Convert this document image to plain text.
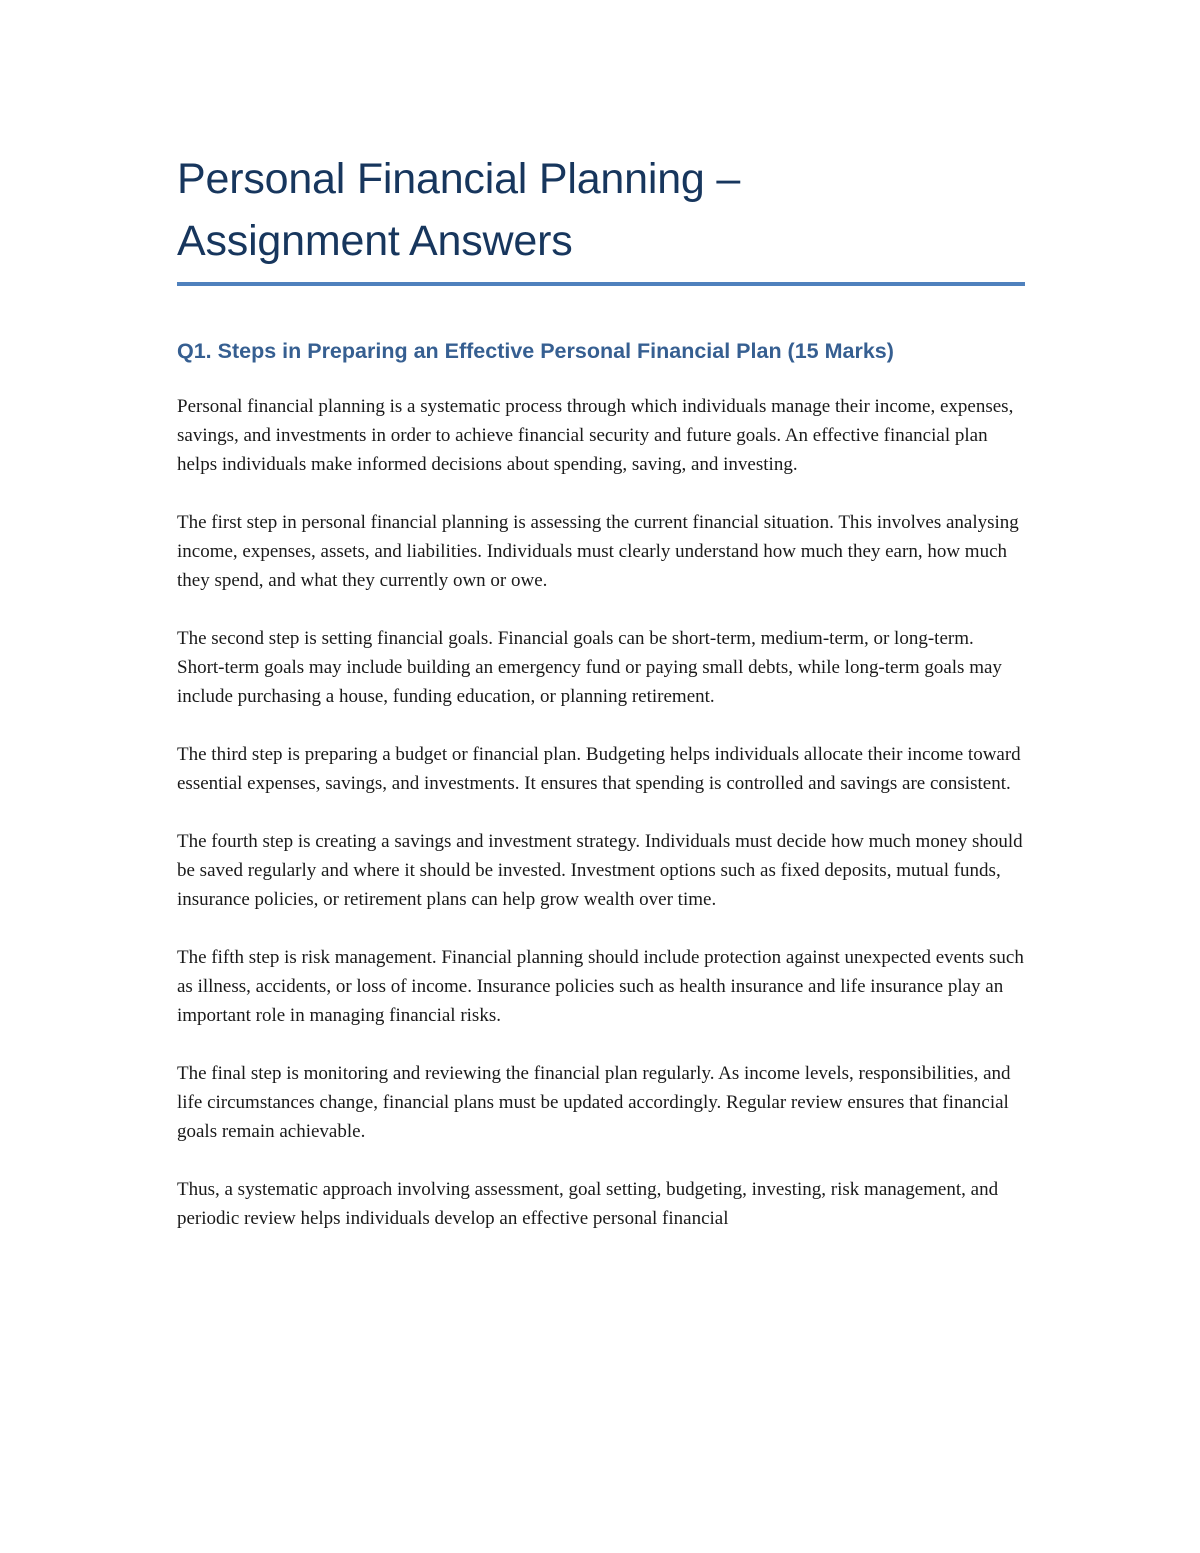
Personal Financial Planning –
Assignment Answers
Q1. Steps in Preparing an Effective Personal Financial Plan (15 Marks)

Personal financial planning is a systematic process through which individuals manage their income, expenses, savings, and investments in order to achieve financial security and future goals. An effective financial plan helps individuals make informed decisions about spending, saving, and investing.

The first step in personal financial planning is assessing the current financial situation. This involves analysing income, expenses, assets, and liabilities. Individuals must clearly understand how much they earn, how much they spend, and what they currently own or owe.

The second step is setting financial goals. Financial goals can be short-term, medium-term, or long-term. Short-term goals may include building an emergency fund or paying small debts, while long-term goals may include purchasing a house, funding education, or planning retirement.

The third step is preparing a budget or financial plan. Budgeting helps individuals allocate their income toward essential expenses, savings, and investments. It ensures that spending is controlled and savings are consistent.

The fourth step is creating a savings and investment strategy. Individuals must decide how much money should be saved regularly and where it should be invested. Investment options such as fixed deposits, mutual funds, insurance policies, or retirement plans can help grow wealth over time.

The fifth step is risk management. Financial planning should include protection against unexpected events such as illness, accidents, or loss of income. Insurance policies such as health insurance and life insurance play an important role in managing financial risks.

The final step is monitoring and reviewing the financial plan regularly. As income levels, responsibilities, and life circumstances change, financial plans must be updated accordingly. Regular review ensures that financial goals remain achievable.

Thus, a systematic approach involving assessment, goal setting, budgeting, investing, risk management, and periodic review helps individuals develop an effective personal financial
